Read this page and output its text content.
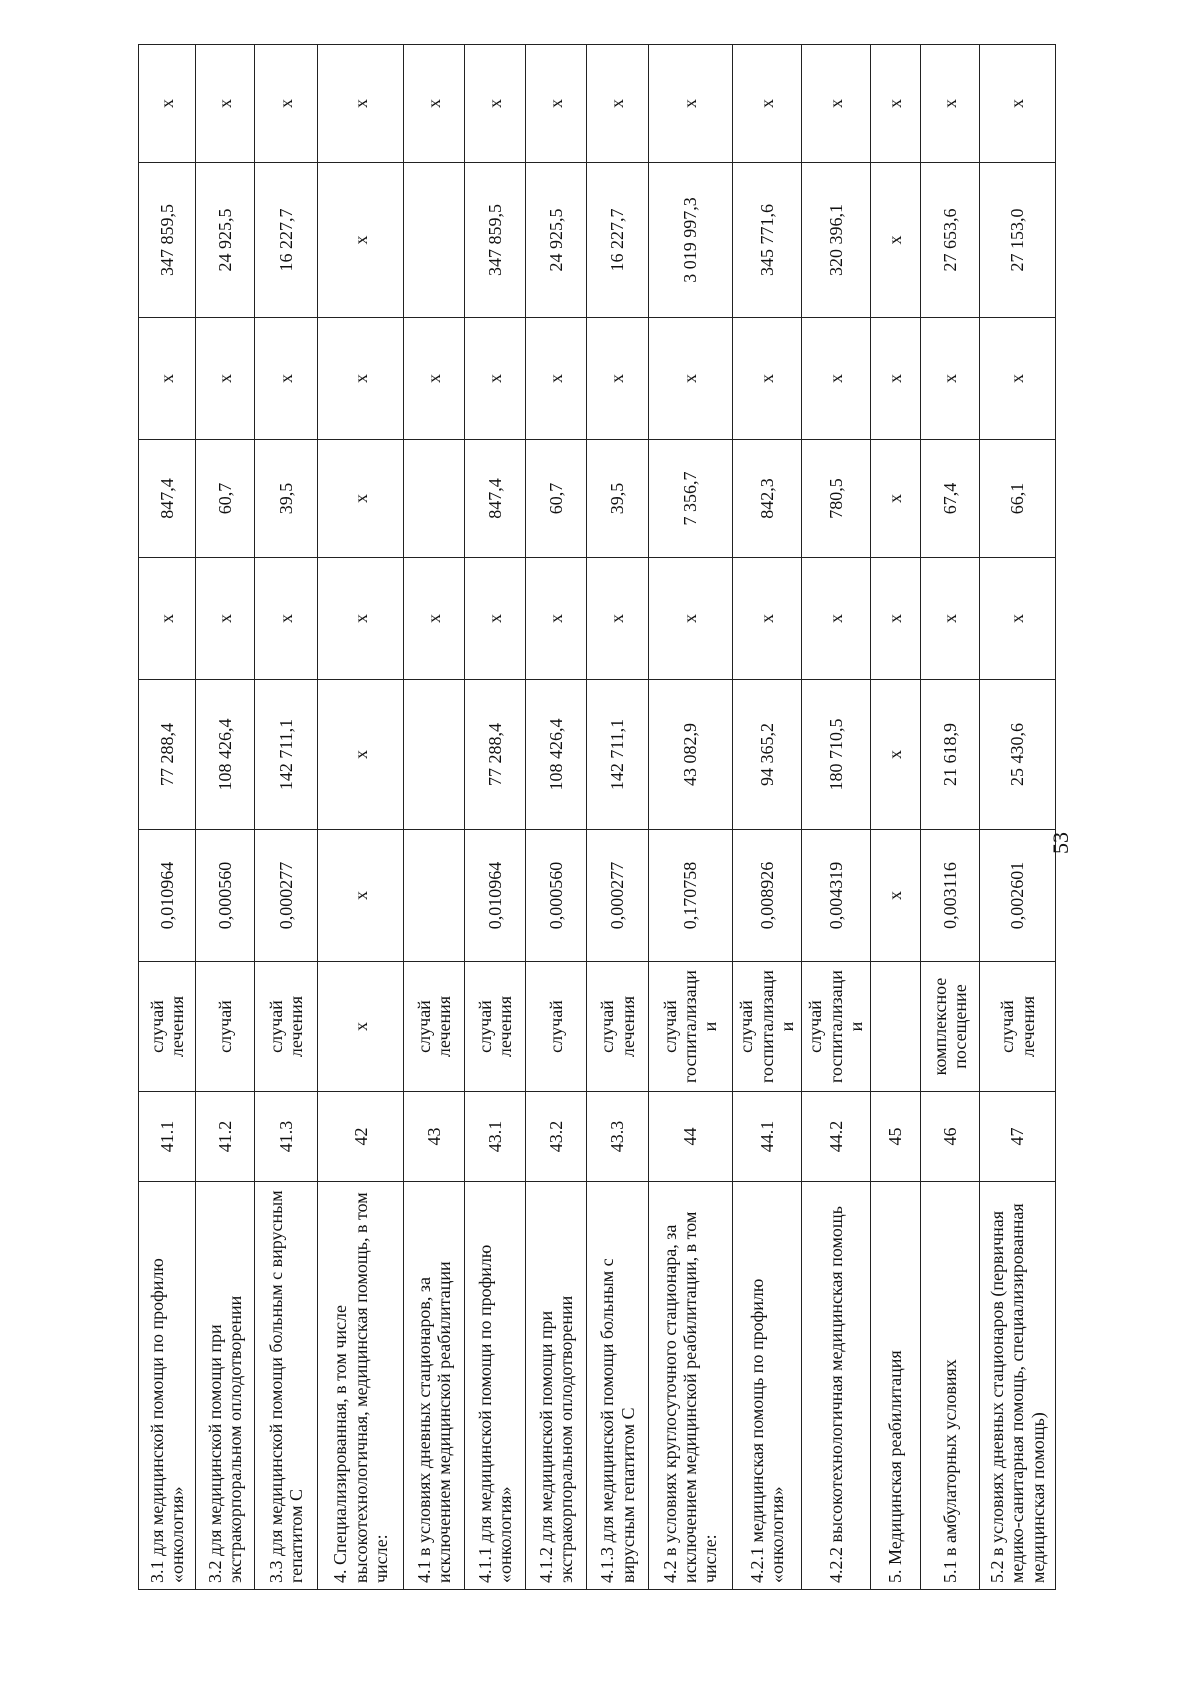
3.1 для медицинской помощи по профилю «онкология»	41.1	случай лечения	0,010964	77 288,4	x	847,4	x	347 859,5	x
3.2 для медицинской помощи при экстракорпоральном оплодотворении	41.2	случай	0,000560	108 426,4	x	60,7	x	24 925,5	x
3.3 для медицинской помощи больным с вирусным гепатитом С	41.3	случай лечения	0,000277	142 711,1	x	39,5	x	16 227,7	x
4. Специализированная, в том числе высокотехнологичная, медицинская помощь, в том числе:	42	x	x	x	x	x	x	x	x
4.1 в условиях дневных стационаров, за исключением медицинской реабилитации	43	случай лечения			x		x		x
4.1.1 для медицинской помощи по профилю «онкология»	43.1	случай лечения	0,010964	77 288,4	x	847,4	x	347 859,5	x
4.1.2 для медицинской помощи при экстракорпоральном оплодотворении	43.2	случай	0,000560	108 426,4	x	60,7	x	24 925,5	x
4.1.3 для медицинской помощи больным с вирусным гепатитом С	43.3	случай лечения	0,000277	142 711,1	x	39,5	x	16 227,7	x
4.2 в условиях круглосуточного стационара, за исключением медицинской реабилитации, в том числе:	44	случай госпитализаци и	0,170758	43 082,9	x	7 356,7	x	3 019 997,3	x
4.2.1 медицинская помощь по профилю «онкология»	44.1	случай госпитализаци и	0,008926	94 365,2	x	842,3	x	345 771,6	x
4.2.2 высокотехнологичная медицинская помощь	44.2	случай госпитализаци и	0,004319	180 710,5	x	780,5	x	320 396,1	x
5. Медицинская реабилитация	45		x	x	x	x	x	x	x
5.1 в амбулаторных условиях	46	комплексное посещение	0,003116	21 618,9	x	67,4	x	27 653,6	x
5.2 в условиях дневных стационаров (первичная медико-санитарная помощь, специализированная медицинская помощь)	47	случай лечения	0,002601	25 430,6	x	66,1	x	27 153,0	x
53
